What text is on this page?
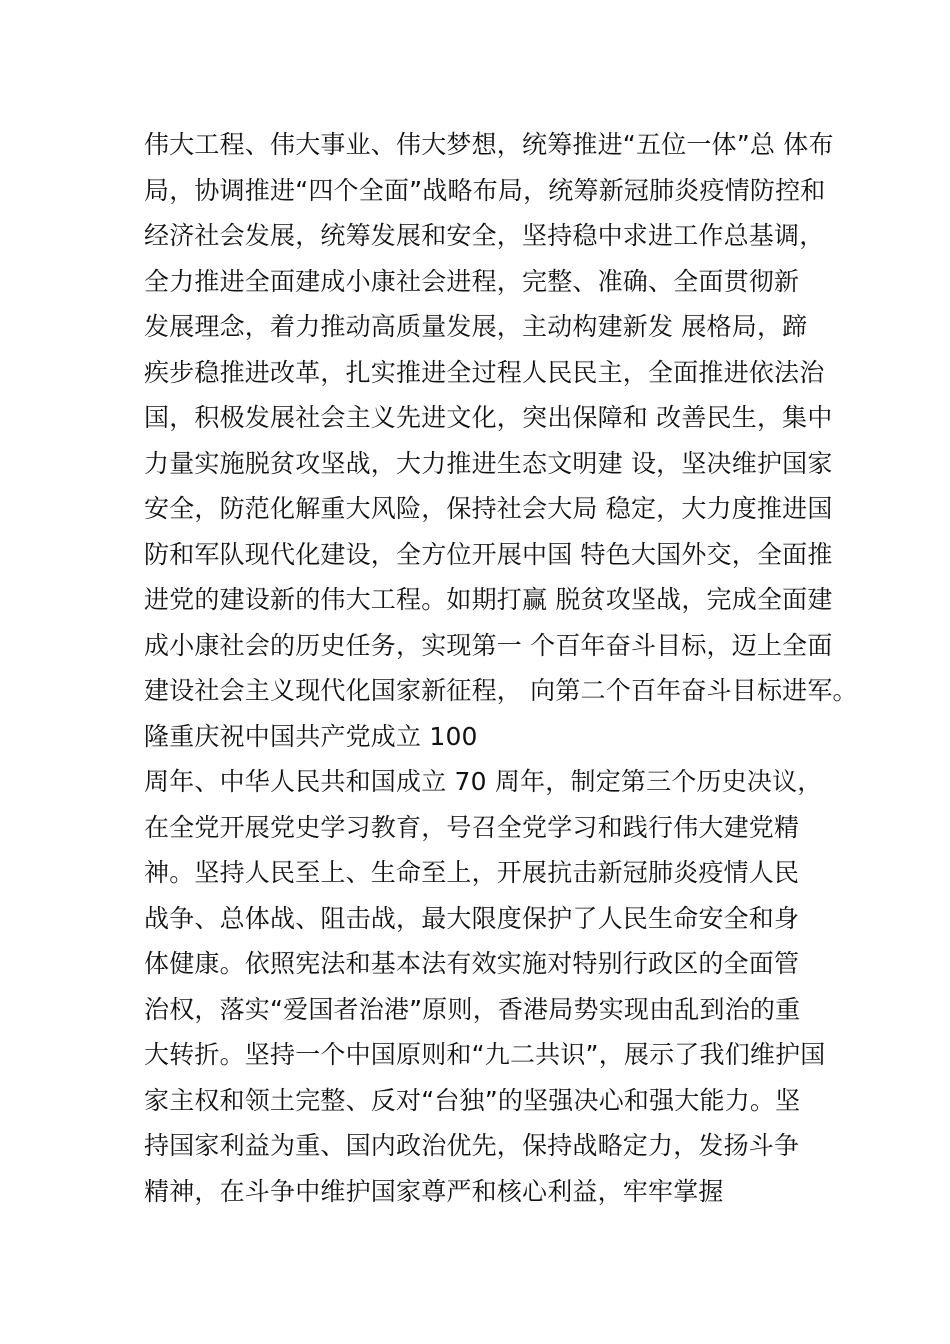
伟大工程、伟大事业、伟大梦想，统筹推进“五位一体”总 体布
局，协调推进“四个全面”战略布局，统筹新冠肺炎疫情防控和
经济社会发展，统筹发展和安全，坚持稳中求进工作总基调，
全力推进全面建成小康社会进程，完整、准确、全面贯彻新
发展理念，着力推动高质量发展，主动构建新发 展格局，蹄
疾步稳推进改革，扎实推进全过程人民民主，全面推进依法治
国，积极发展社会主义先进文化，突出保障和 改善民生，集中
力量实施脱贫攻坚战，大力推进生态文明建 设，坚决维护国家
安全，防范化解重大风险，保持社会大局 稳定，大力度推进国
防和军队现代化建设，全方位开展中国 特色大国外交，全面推
进党的建设新的伟大工程。如期打赢 脱贫攻坚战，完成全面建
成小康社会的历史任务，实现第一 个百年奋斗目标，迈上全面
建设社会主义现代化国家新征程， 向第二个百年奋斗目标进军。
隆重庆祝中国共产党成立 100
周年、中华人民共和国成立 70 周年，制定第三个历史决议，
在全党开展党史学习教育，号召全党学习和践行伟大建党精
神。坚持人民至上、生命至上，开展抗击新冠肺炎疫情人民
战争、总体战、阻击战，最大限度保护了人民生命安全和身
体健康。依照宪法和基本法有效实施对特别行政区的全面管
治权，落实“爱国者治港”原则，香港局势实现由乱到治的重
大转折。坚持一个中国原则和“九二共识”，展示了我们维护国
家主权和领土完整、反对“台独”的坚强决心和强大能力。坚
持国家利益为重、国内政治优先，保持战略定力，发扬斗争
精神，在斗争中维护国家尊严和核心利益，牢牢掌握
